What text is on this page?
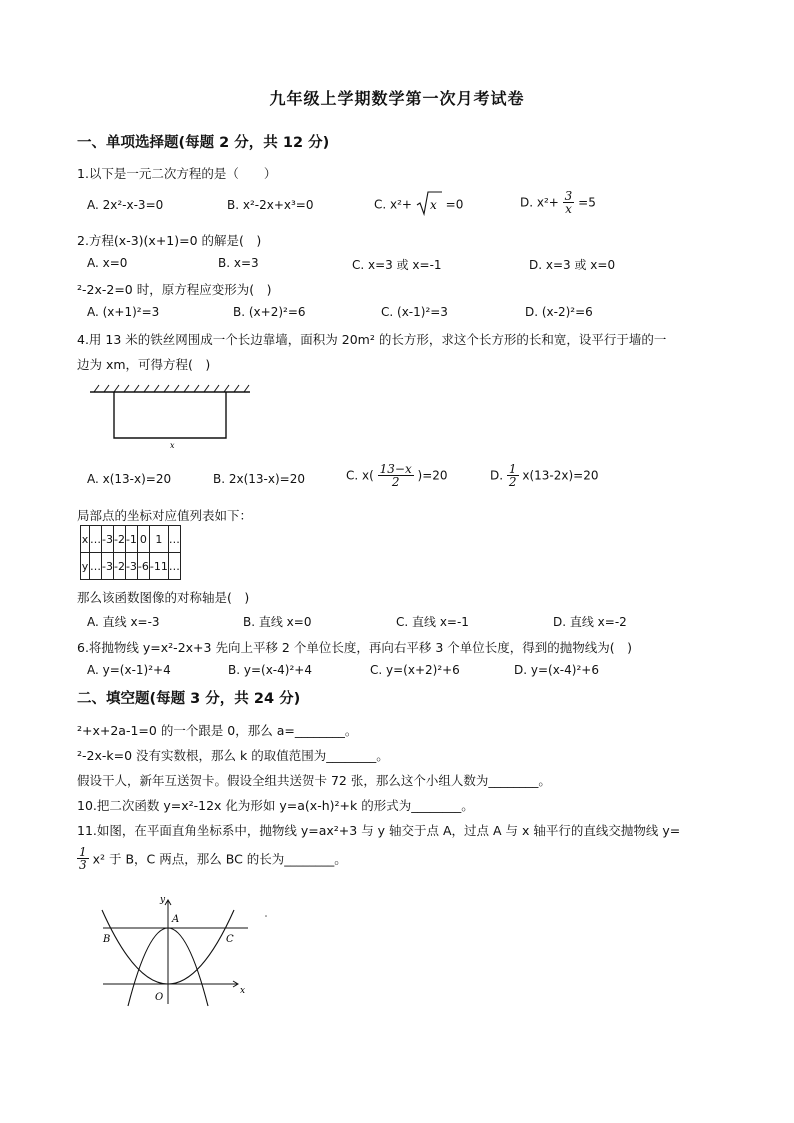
九年级上学期数学第一次月考试卷
一、单项选择题(每题 2 分，共 12 分)
1.以下是一元二次方程的是（　　）
A. 2x²-x-3=0	B. x²-2x+x³=0	C. x²+ x =0	D. $x^2+ \frac{3}{x} =5$
2.方程(x-3)(x+1)=0 的解是(　)
A. x=0	B. x=3	C. x=3 或 x=-1	D. x=3 或 x=0
²-2x-2=0 时，原方程应变形为(　)
A. (x+1)²=3	B. (x+2)²=6	C. (x-1)²=3	D. (x-2)²=6
4.用 13 米的铁丝网围成一个长边靠墙，面积为 20m² 的长方形，求这个长方形的长和宽，设平行于墙的一
边为 xm，可得方程(　)
x
A. x(13-x)=20	B. 2x(13-x)=20	C. $x( \frac{13-x}{2} )=20$	D. $\frac{1}{2} x(13-2x)=20$
局部点的坐标对应值列表如下：
x	…	-3	-2	-1	0	1	…
y	…	-3	-2	-3	-6	-11	…
那么该函数图像的对称轴是(　)
A. 直线 x=-3	B. 直线 x=0	C. 直线 x=-1	D. 直线 x=-2
6.将抛物线 y=x²-2x+3 先向上平移 2 个单位长度，再向右平移 3 个单位长度，得到的抛物线为(　)
A. y=(x-1)²+4	B. y=(x-4)²+4	C. y=(x+2)²+6	D. y=(x-4)²+6
二、填空题(每题 3 分，共 24 分)
²+x+2a-1=0 的一个跟是 0，那么 a=________。
²-2x-k=0 没有实数根，那么 k 的取值范围为________。
假设干人，新年互送贺卡。假设全组共送贺卡 72 张，那么这个小组人数为________。
10.把二次函数 y=x²-12x 化为形如 y=a(x-h)²+k 的形式为________。
11.如图，在平面直角坐标系中，抛物线 y=ax²+3 与 y 轴交于点 A，过点 A 与 x 轴平行的直线交抛物线 y=
$\frac{1}{3} x^2$ 于 B，C 两点，那么 BC 的长为________。
y
x
A
B	C
O
